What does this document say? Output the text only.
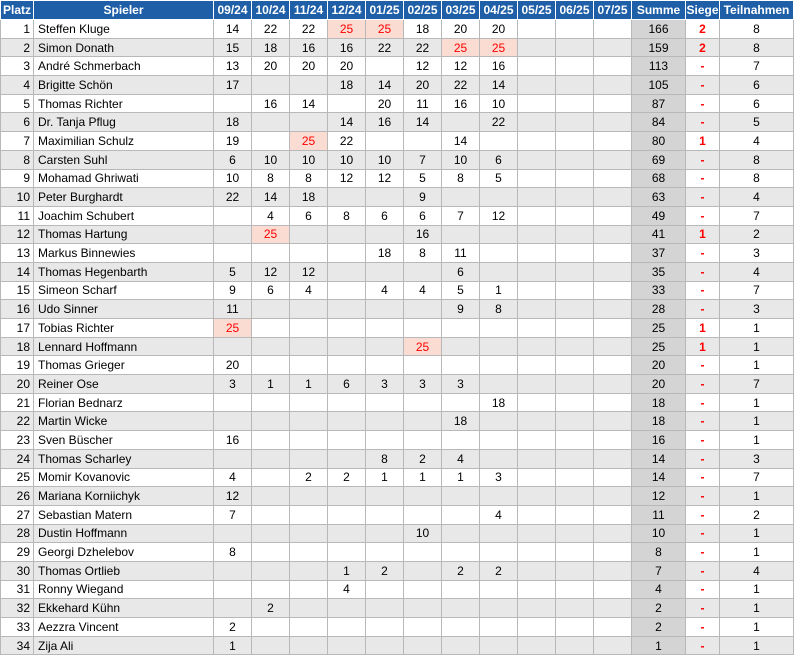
Platz	Spieler	09/24	10/24	11/24	12/24	01/25	02/25	03/25	04/25	05/25	06/25	07/25	Summe	Siege	Teilnahmen
1	Steffen Kluge	14	22	22	25	25	18	20	20				166	2	8
2	Simon Donath	15	18	16	16	22	22	25	25				159	2	8
3	André Schmerbach	13	20	20	20		12	12	16				113	-	7
4	Brigitte Schön	17			18	14	20	22	14				105	-	6
5	Thomas Richter		16	14		20	11	16	10				87	-	6
6	Dr. Tanja Pflug	18			14	16	14		22				84	-	5
7	Maximilian Schulz	19		25	22			14					80	1	4
8	Carsten Suhl	6	10	10	10	10	7	10	6				69	-	8
9	Mohamad Ghriwati	10	8	8	12	12	5	8	5				68	-	8
10	Peter Burghardt	22	14	18			9						63	-	4
11	Joachim Schubert		4	6	8	6	6	7	12				49	-	7
12	Thomas Hartung		25				16						41	1	2
13	Markus Binnewies					18	8	11					37	-	3
14	Thomas Hegenbarth	5	12	12				6					35	-	4
15	Simeon Scharf	9	6	4		4	4	5	1				33	-	7
16	Udo Sinner	11						9	8				28	-	3
17	Tobias Richter	25											25	1	1
18	Lennard Hoffmann						25						25	1	1
19	Thomas Grieger	20											20	-	1
20	Reiner Ose	3	1	1	6	3	3	3					20	-	7
21	Florian Bednarz								18				18	-	1
22	Martin Wicke							18					18	-	1
23	Sven Büscher	16											16	-	1
24	Thomas Scharley					8	2	4					14	-	3
25	Momir Kovanovic	4		2	2	1	1	1	3				14	-	7
26	Mariana Korniichyk	12											12	-	1
27	Sebastian Matern	7							4				11	-	2
28	Dustin Hoffmann						10						10	-	1
29	Georgi Dzhelebov	8											8	-	1
30	Thomas Ortlieb				1	2		2	2				7	-	4
31	Ronny Wiegand				4								4	-	1
32	Ekkehard Kühn		2										2	-	1
33	Aezzra Vincent	2											2	-	1
34	Zija Ali	1											1	-	1
